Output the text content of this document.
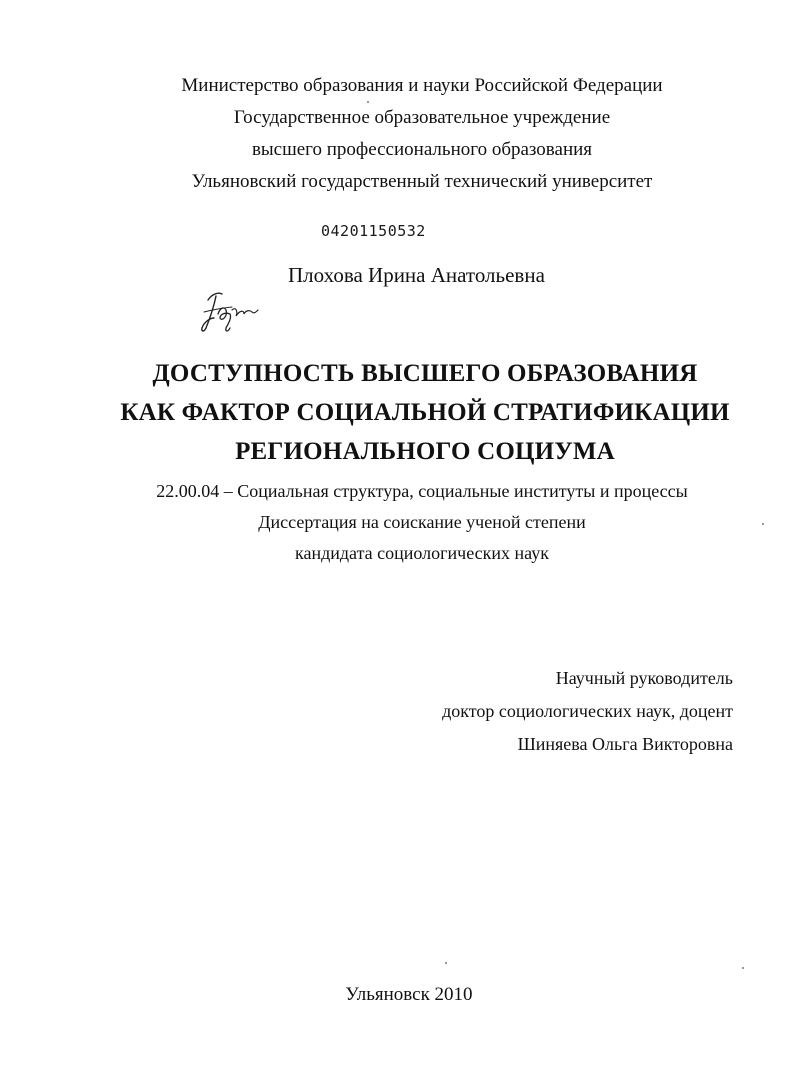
Министерство образования и науки Российской Федерации
Государственное образовательное учреждение
высшего профессионального образования
Ульяновский государственный технический университет
04201150532
Плохова Ирина Анатольевна
ДОСТУПНОСТЬ ВЫСШЕГО ОБРАЗОВАНИЯ
КАК ФАКТОР СОЦИАЛЬНОЙ СТРАТИФИКАЦИИ
РЕГИОНАЛЬНОГО СОЦИУМА
22.00.04 – Социальная структура, социальные институты и процессы
Диссертация на соискание ученой степени
кандидата социологических наук
Научный руководитель
доктор социологических наук, доцент
Шиняева Ольга Викторовна
Ульяновск 2010
